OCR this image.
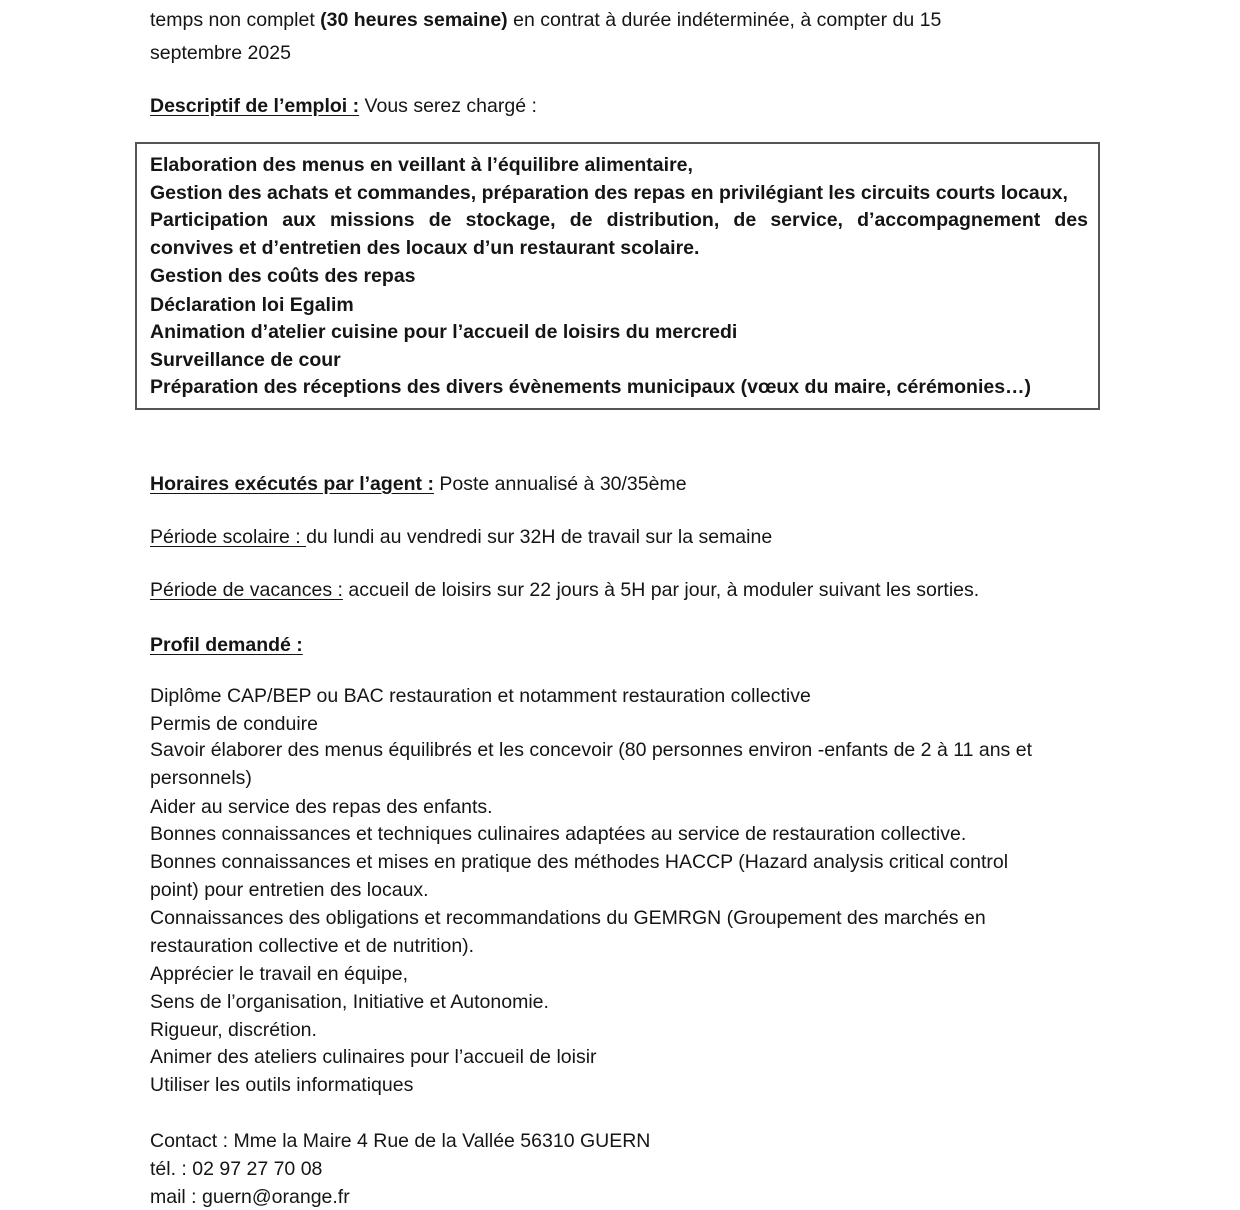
temps non complet (30 heures semaine) en contrat à durée indéterminée, à compter du 15
septembre 2025
Descriptif de l’emploi : Vous serez chargé :
Elaboration des menus en veillant à l’équilibre alimentaire,
Gestion des achats et commandes, préparation des repas en privilégiant les circuits courts locaux,
Participation aux missions de stockage, de distribution, de service, d’accompagnement des
convives et d’entretien des locaux d’un restaurant scolaire.
Gestion des coûts des repas
Déclaration loi Egalim
Animation d’atelier cuisine pour l’accueil de loisirs du mercredi
Surveillance de cour
Préparation des réceptions des divers évènements municipaux (vœux du maire, cérémonies…)
Horaires exécutés par l’agent : Poste annualisé à 30/35ème
Période scolaire : du lundi au vendredi sur 32H de travail sur la semaine
Période de vacances : accueil de loisirs sur 22 jours à 5H par jour, à moduler suivant les sorties.
Profil demandé :
Diplôme CAP/BEP ou BAC restauration et notamment restauration collective
Permis de conduire
Savoir élaborer des menus équilibrés et les concevoir (80 personnes environ -enfants de 2 à 11 ans et
personnels)
Aider au service des repas des enfants.
Bonnes connaissances et techniques culinaires adaptées au service de restauration collective.
Bonnes connaissances et mises en pratique des méthodes HACCP (Hazard analysis critical control
point) pour entretien des locaux.
Connaissances des obligations et recommandations du GEMRGN (Groupement des marchés en
restauration collective et de nutrition).
Apprécier le travail en équipe,
Sens de l’organisation, Initiative et Autonomie.
Rigueur, discrétion.
Animer des ateliers culinaires pour l’accueil de loisir
Utiliser les outils informatiques
Contact : Mme la Maire 4 Rue de la Vallée 56310 GUERN
tél. : 02 97 27 70 08
mail : guern@orange.fr
